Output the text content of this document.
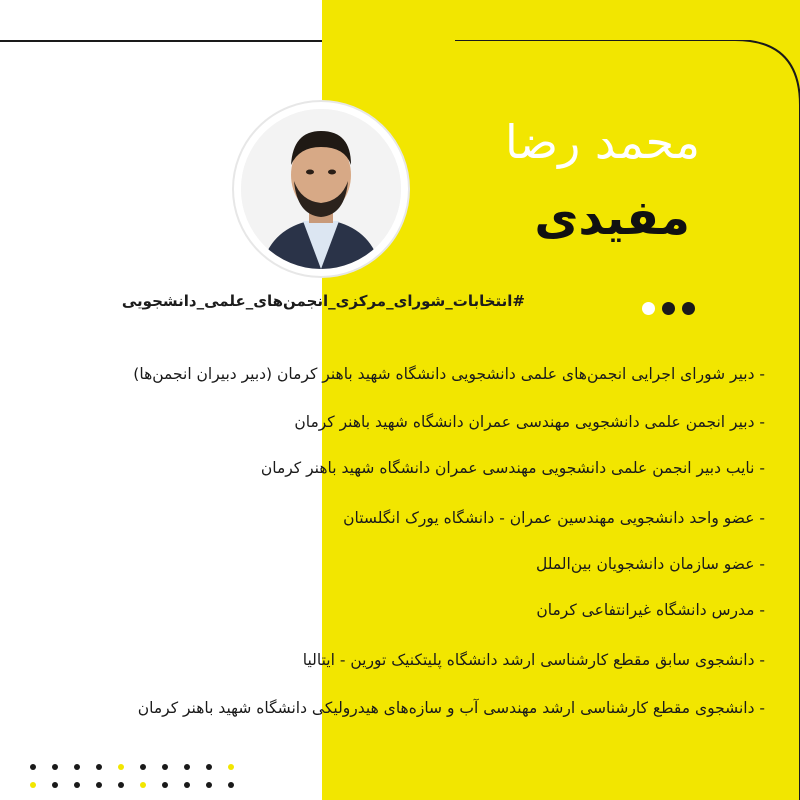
محمد رضا
مفیدی
#انتخابات_شورای_مرکزی_انجمن‌های_علمی_دانشجویی
- دبیر شورای اجرایی انجمن‌های علمی دانشجویی دانشگاه شهید باهنر کرمان (دبیر دبیران انجمن‌ها)
- دبیر انجمن علمی دانشجویی مهندسی عمران دانشگاه شهید باهنر کرمان
- نایب دبیر انجمن علمی دانشجویی مهندسی عمران دانشگاه شهید باهنر کرمان
- عضو واحد دانشجویی مهندسین عمران - دانشگاه یورک انگلستان
- عضو سازمان دانشجویان بین‌الملل
- مدرس دانشگاه غیرانتفاعی کرمان
- دانشجوی سابق مقطع کارشناسی ارشد دانشگاه پلیتکنیک تورین - ایتالیا
- دانشجوی مقطع کارشناسی ارشد مهندسی آب و سازه‌های هیدرولیکی دانشگاه شهید باهنر کرمان
